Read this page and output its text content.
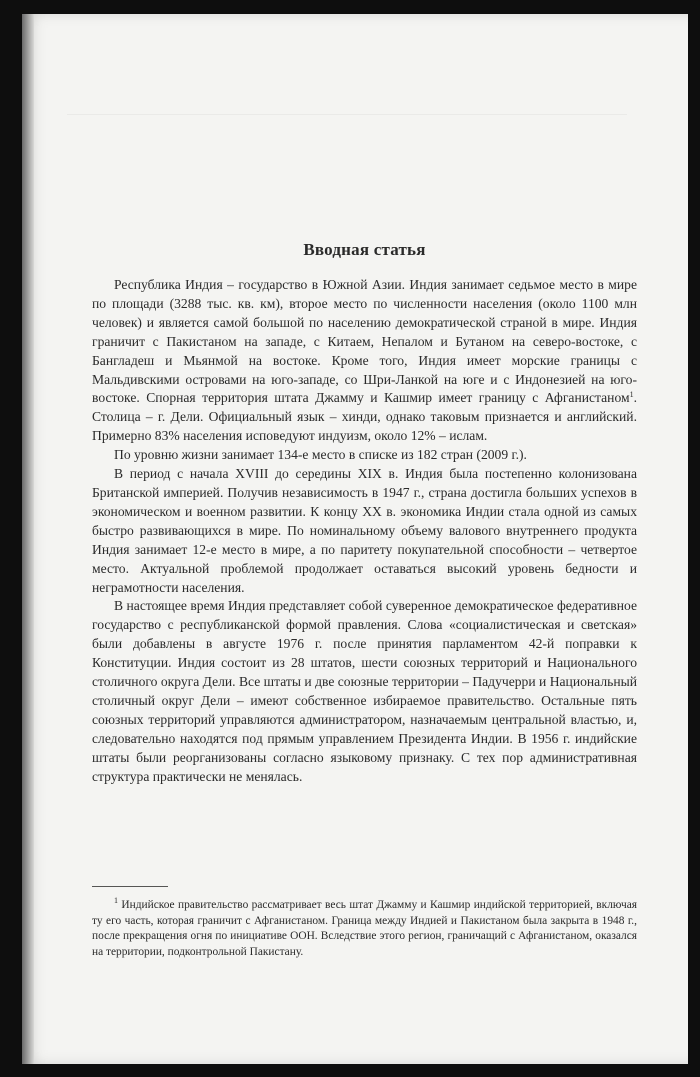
Вводная статья

Республика Индия – государство в Южной Азии. Индия занимает седьмое место в мире по площади (3288 тыс. кв. км), второе место по численности населения (около 1100 млн человек) и является самой большой по населению демократической страной в мире. Индия граничит с Пакистаном на западе, с Китаем, Непалом и Бутаном на северо-востоке, с Бангладеш и Мьянмой на востоке. Кроме того, Индия имеет морские границы с Мальдивскими островами на юго-западе, со Шри-Ланкой на юге и с Индонезией на юго-востоке. Спорная территория штата Джамму и Кашмир имеет границу с Афганистаном$^1$. Столица – г. Дели. Официальный язык – хинди, однако таковым признается и английский. Примерно 83% населения исповедуют индуизм, около 12% – ислам.

По уровню жизни занимает 134-е место в списке из 182 стран (2009 г.).

В период с начала XVIII до середины XIX в. Индия была постепенно колонизована Британской империей. Получив независимость в 1947 г., страна достигла больших успехов в экономическом и военном развитии. К концу XX в. экономика Индии стала одной из самых быстро развивающихся в мире. По номинальному объему валового внутреннего продукта Индия занимает 12-е место в мире, а по паритету покупательной способности – четвертое место. Актуальной проблемой продолжает оставаться высокий уровень бедности и неграмотности населения.

В настоящее время Индия представляет собой суверенное демократическое федеративное государство с республиканской формой правления. Слова «социалистическая и светская» были добавлены в августе 1976 г. после принятия парламентом 42-й поправки к Конституции. Индия состоит из 28 штатов, шести союзных территорий и Национального столичного округа Дели. Все штаты и две союзные территории – Падучерри и Национальный столичный округ Дели – имеют собственное избираемое правительство. Остальные пять союзных территорий управляются администратором, назначаемым центральной властью, и, следовательно находятся под прямым управлением Президента Индии. В 1956 г. индийские штаты были реорганизованы согласно языковому признаку. С тех пор административная структура практически не менялась.

$^1$ Индийское правительство рассматривает весь штат Джамму и Кашмир индийской территорией, включая ту его часть, которая граничит с Афганистаном. Граница между Индией и Пакистаном была закрыта в 1948 г., после прекращения огня по инициативе ООН. Вследствие этого регион, граничащий с Афганистаном, оказался на территории, подконтрольной Пакистану.
